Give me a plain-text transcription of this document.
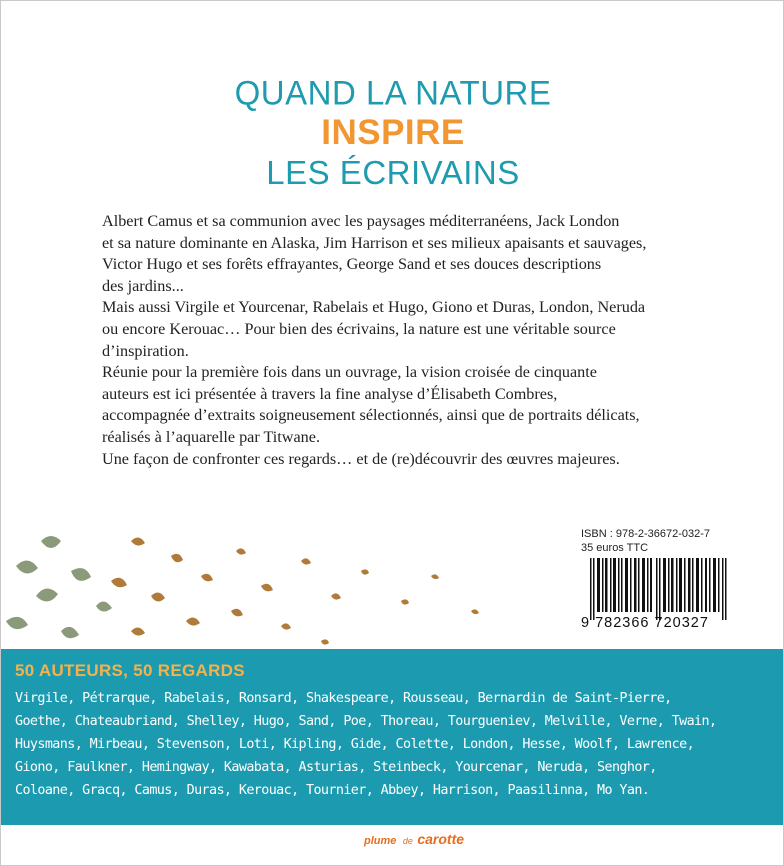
QUAND LA NATURE
INSPIRE
LES ÉCRIVAINS

Albert Camus et sa communion avec les paysages méditerranéens, Jack London

et sa nature dominante en Alaska, Jim Harrison et ses milieux apaisants et sauvages,

Victor Hugo et ses forêts effrayantes, George Sand et ses douces descriptions

des jardins...

Mais aussi Virgile et Yourcenar, Rabelais et Hugo, Giono et Duras, London, Neruda

ou encore Kerouac… Pour bien des écrivains, la nature est une véritable source

d’inspiration.

Réunie pour la première fois dans un ouvrage, la vision croisée de cinquante

auteurs est ici présentée à travers la fine analyse d’Élisabeth Combres,

accompagnée d’extraits soigneusement sélectionnés, ainsi que de portraits délicats,

réalisés à l’aquarelle par Titwane.

Une façon de confronter ces regards… et de (re)découvrir des œuvres majeures.

ISBN : 978-2-36672-032-7
35 euros TTC
9 782366 720327
50 AUTEURS, 50 REGARDS
Virgile, Pétrarque, Rabelais, Ronsard, Shakespeare, Rousseau, Bernardin de Saint-Pierre,
Goethe, Chateaubriand, Shelley, Hugo, Sand, Poe, Thoreau, Tourgueniev, Melville, Verne, Twain,
Huysmans, Mirbeau, Stevenson, Loti, Kipling, Gide, Colette, London, Hesse, Woolf, Lawrence,
Giono, Faulkner, Hemingway, Kawabata, Asturias, Steinbeck, Yourcenar, Neruda, Senghor,
Coloane, Gracq, Camus, Duras, Kerouac, Tournier, Abbey, Harrison, Paasilinna, Mo Yan.
plume de carotte
